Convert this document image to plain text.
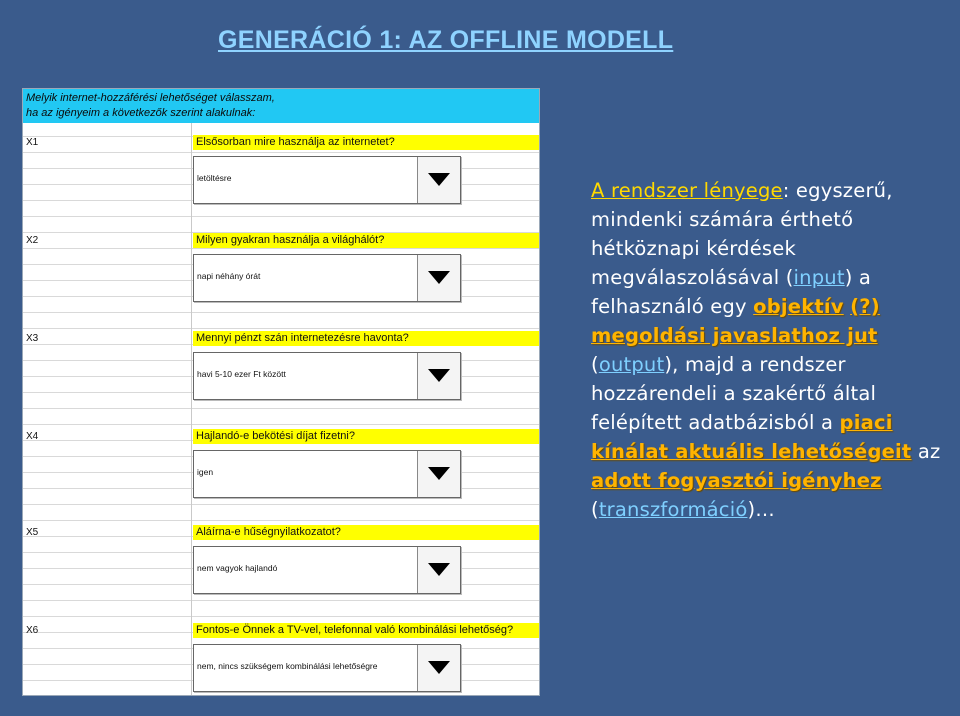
GENERÁCIÓ 1: AZ OFFLINE MODELL
Melyik internet-hozzáférési lehetőséget válasszam,
ha az igényeim a következők szerint alakulnak:
X1	Elsősorban mire használja az internetet?
letöltésre
X2	Milyen gyakran használja a világhálót?
napi néhány órát
X3	Mennyi pénzt szán internetezésre havonta?
havi 5-10 ezer Ft között
X4	Hajlandó-e bekötési díjat fizetni?
igen
X5	Aláírna-e hűségnyilatkozatot?
nem vagyok hajlandó
X6	Fontos-e Önnek a TV-vel, telefonnal való kombinálási lehetőség?
nem, nincs szükségem kombinálási lehetőségre
A rendszer lényege: egyszerű, mindenki számára érthető hétköznapi kérdések megválaszolásával (input) a felhasználó egy objektív (?) megoldási javaslathoz jut (output), majd a rendszer hozzárendeli a szakértő által felépített adatbázisból a piaci kínálat aktuális lehetőségeit az adott fogyasztói igényhez (transzformáció)…
